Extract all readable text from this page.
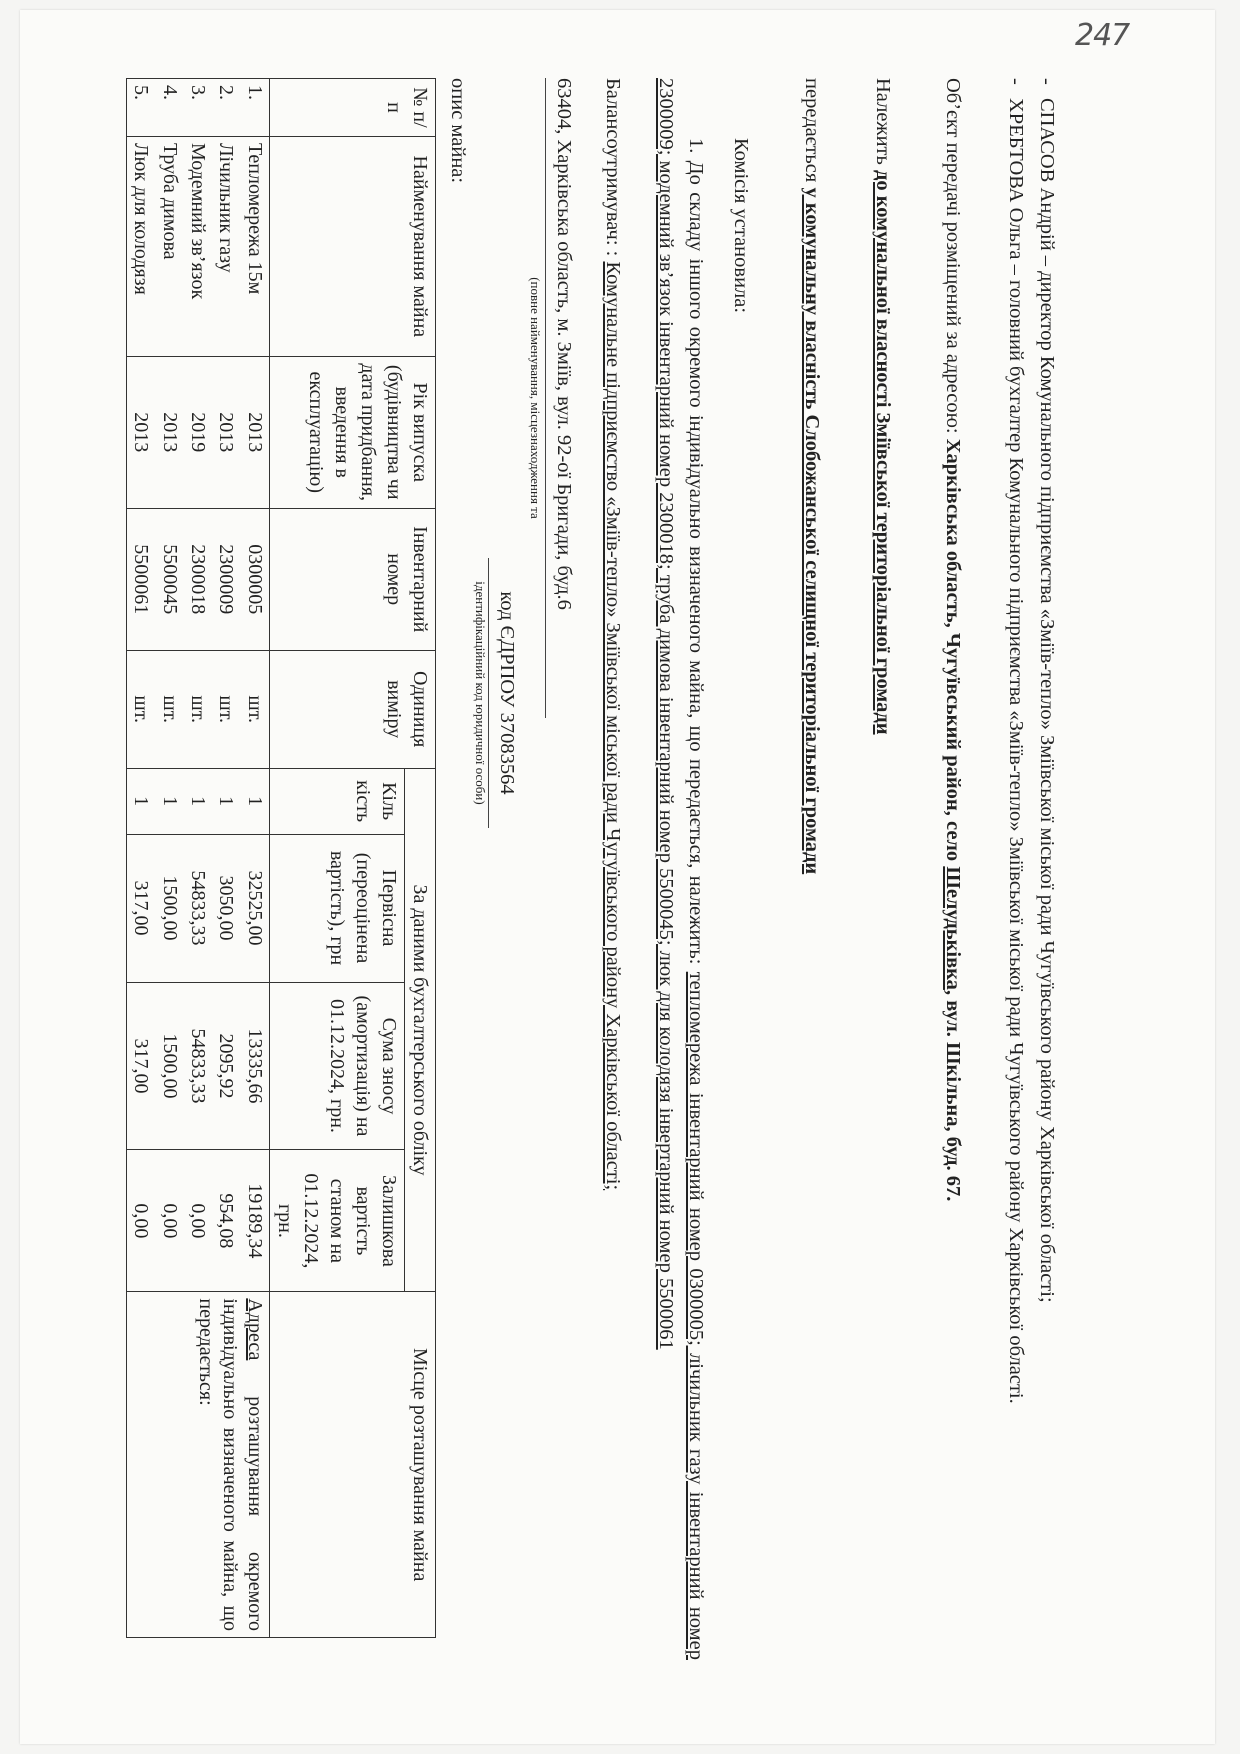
247

-СПАСОВ Андрій – директор Комунального підприємства «Зміїв-тепло» Зміївської міської ради Чугуївського району Харківської області;

-ХРЕБТОВА Ольга – головний бухгалтер Комунального підприємства «Зміїв-тепло» Зміївської міської ради Чугуївського району Харківської області.

Об’єкт передачі розміщений за адресою: Харківська область, Чугуївський район, село Шелудьківка, вул. Шкільна, буд. 67.

Належить до комунальної власності Зміївської територіальної громади

передається у комунальну власність Слобожанської селищної територіальної громади

Комісія установила:

1. До складу іншого окремого індивідуально визначеного майна, що передається, належить: тепломережа інвентарний номер 0300005; лічильник газу інвентарний номер 2300009; модемний зв’язок інвентарний номер 2300018; труба димова інвентарний номер 5500045; люк для колодязя інвертарний номер 5500061

Балансоутримувач: : Комунальне підприємство «Зміїв-тепло» Зміївської міської ради Чугуївського району Харківської області;

63404, Харківська область, м. Зміїв, вул. 92-ої Бригади, буд.6
(повне найменування, місцезнаходження та
код ЄДРПОУ 37083564
ідентифікаційний код юридичної особи)

опис майна:

№ п/п	Найменування майна	Рік випуска (будівництва чи дата придбання, введення в експлуатацію)	Інвентарний номер	Одиниця виміру	За даними бухгалтерського обліку				Місце розташування майна
					Кіль кість	Первісна (переоцінена вартість), грн	Сума зносу (амортизація) на 01.12.2024, грн.	Залишкова вартість станом на 01.12.2024, грн.	
1.	Тепломережа 15м	2013	0300005	шт.	1	32525,00	13335,66	19189,34	Адреса розташування окремого індивідуально визначеного майна, що передається:
2.	Лічильник газу	2013	2300009	шт.	1	3050,00	2095,92	954,08	
3.	Модемний зв’язок	2019	2300018	шт.	1	54833,33	54833,33	0,00	
4.	Труба димова	2013	5500045	шт.	1	1500,00	1500,00	0,00	
5.	Люк для колодязя	2013	5500061	шт.	1	317,00	317,00	0,00	
